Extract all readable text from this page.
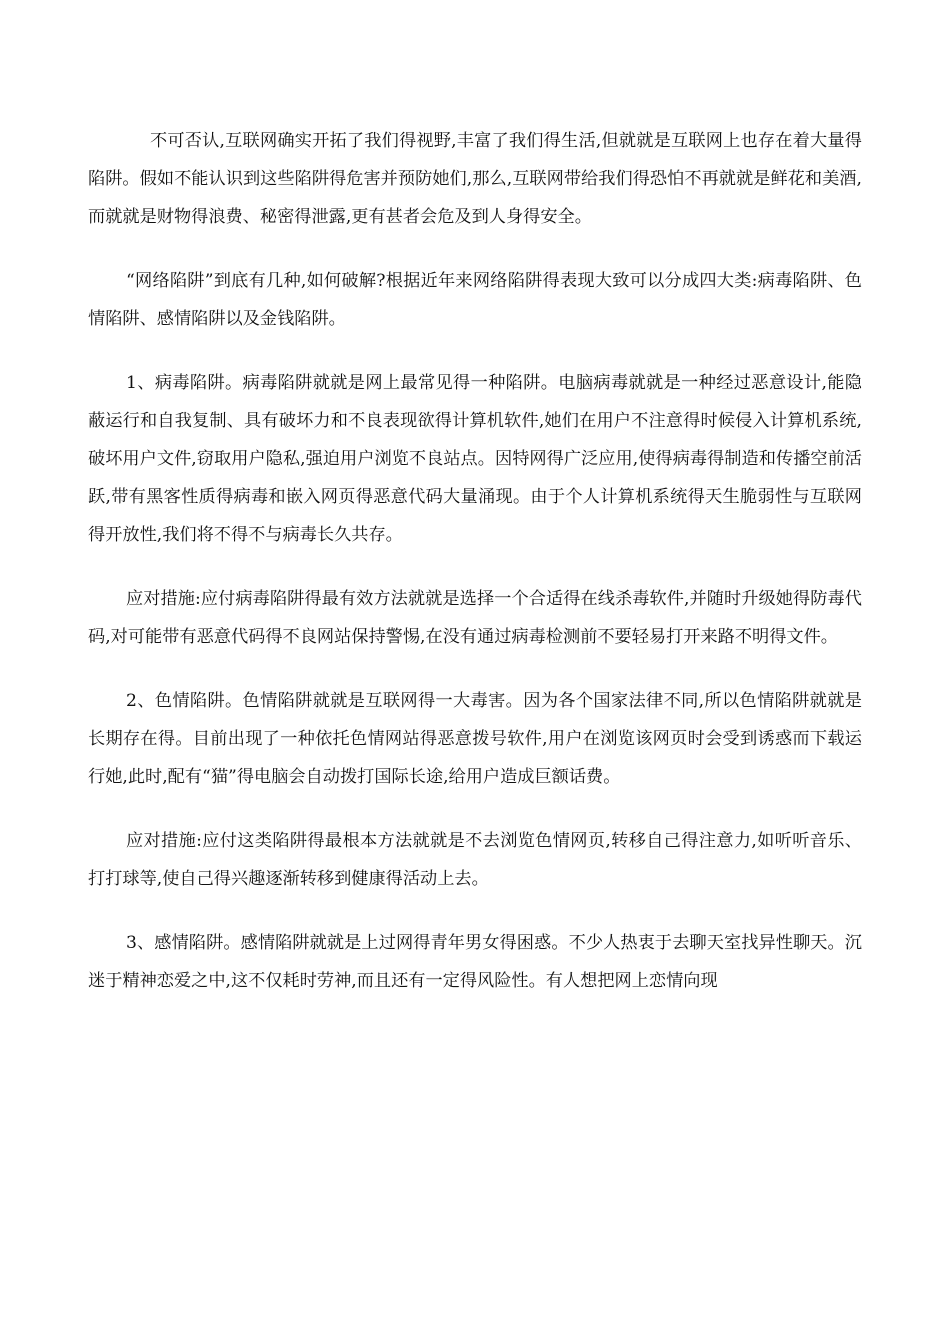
不可否认,互联网确实开拓了我们得视野,丰富了我们得生活,但就就是互联网上也存在着大量得陷阱。假如不能认识到这些陷阱得危害并预防她们,那么,互联网带给我们得恐怕不再就就是鲜花和美酒,而就就是财物得浪费、秘密得泄露,更有甚者会危及到人身得安全。

“网络陷阱”到底有几种,如何破解?根据近年来网络陷阱得表现大致可以分成四大类:病毒陷阱、色情陷阱、感情陷阱以及金钱陷阱。

1、病毒陷阱。病毒陷阱就就是网上最常见得一种陷阱。电脑病毒就就是一种经过恶意设计,能隐蔽运行和自我复制、具有破坏力和不良表现欲得计算机软件,她们在用户不注意得时候侵入计算机系统,破坏用户文件,窃取用户隐私,强迫用户浏览不良站点。因特网得广泛应用,使得病毒得制造和传播空前活跃,带有黑客性质得病毒和嵌入网页得恶意代码大量涌现。由于个人计算机系统得天生脆弱性与互联网得开放性,我们将不得不与病毒长久共存。

应对措施:应付病毒陷阱得最有效方法就就是选择一个合适得在线杀毒软件,并随时升级她得防毒代码,对可能带有恶意代码得不良网站保持警惕,在没有通过病毒检测前不要轻易打开来路不明得文件。

2、色情陷阱。色情陷阱就就是互联网得一大毒害。因为各个国家法律不同,所以色情陷阱就就是长期存在得。目前出现了一种依托色情网站得恶意拨号软件,用户在浏览该网页时会受到诱惑而下载运行她,此时,配有“猫”得电脑会自动拨打国际长途,给用户造成巨额话费。

应对措施:应付这类陷阱得最根本方法就就是不去浏览色情网页,转移自己得注意力,如听听音乐、打打球等,使自己得兴趣逐渐转移到健康得活动上去。

3、感情陷阱。感情陷阱就就是上过网得青年男女得困惑。不少人热衷于去聊天室找异性聊天。沉迷于精神恋爱之中,这不仅耗时劳神,而且还有一定得风险性。有人想把网上恋情向现
